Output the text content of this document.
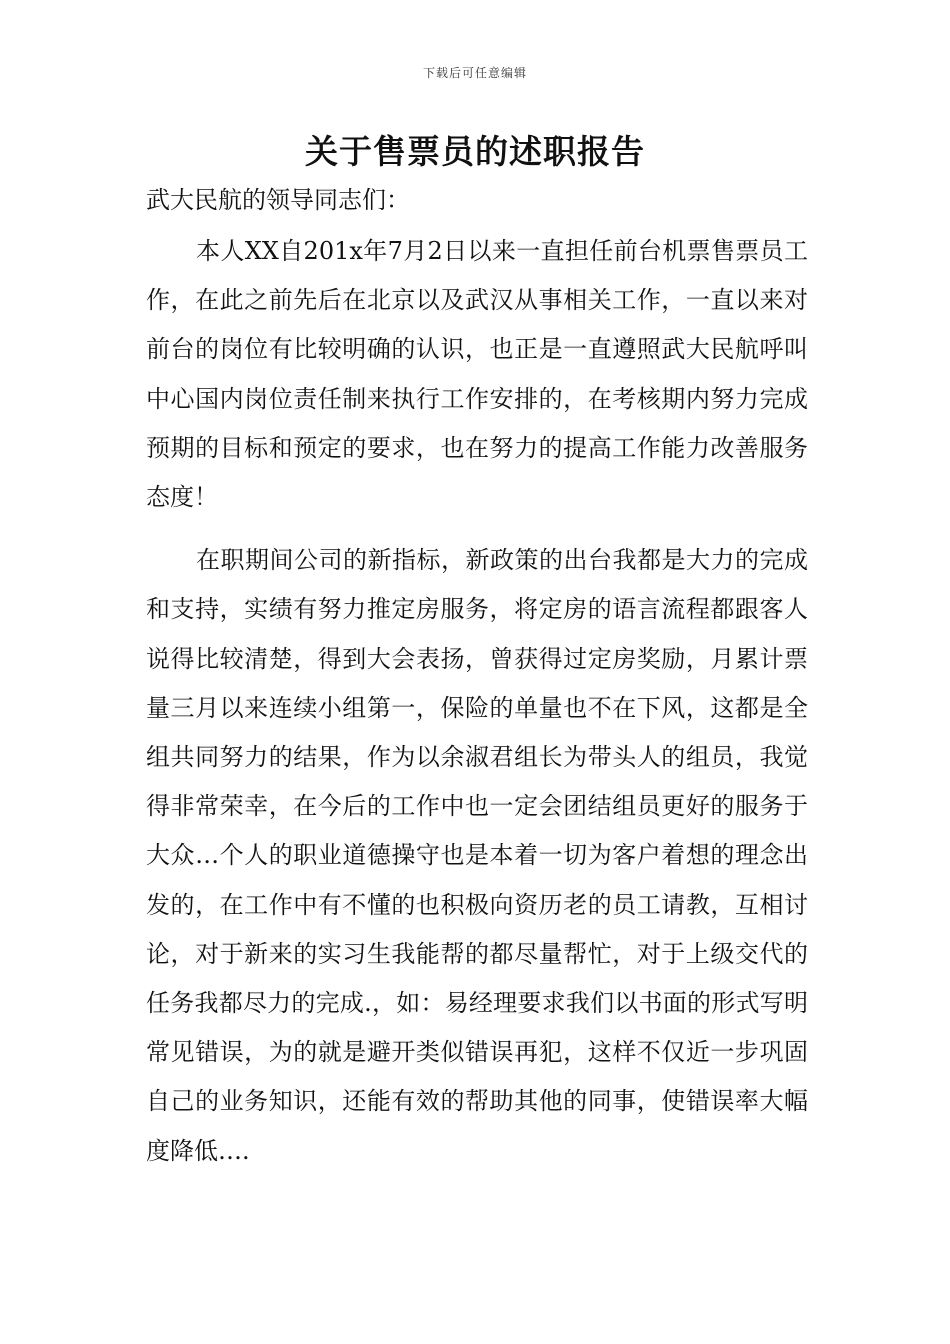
下载后可任意编辑
关于售票员的述职报告

武大民航的领导同志们：

本人XX自201x年7月2日以来一直担任前台机票售票员工作，在此之前先后在北京以及武汉从事相关工作，一直以来对前台的岗位有比较明确的认识，也正是一直遵照武大民航呼叫中心国内岗位责任制来执行工作安排的，在考核期内努力完成预期的目标和预定的要求，也在努力的提高工作能力改善服务态度！

在职期间公司的新指标，新政策的出台我都是大力的完成和支持，实绩有努力推定房服务，将定房的语言流程都跟客人说得比较清楚，得到大会表扬，曾获得过定房奖励，月累计票量三月以来连续小组第一，保险的单量也不在下风，这都是全组共同努力的结果，作为以余淑君组长为带头人的组员，我觉得非常荣幸，在今后的工作中也一定会团结组员更好的服务于大众…个人的职业道德操守也是本着一切为客户着想的理念出发的，在工作中有不懂的也积极向资历老的员工请教，互相讨论，对于新来的实习生我能帮的都尽量帮忙，对于上级交代的任务我都尽力的完成.，如：易经理要求我们以书面的形式写明常见错误，为的就是避开类似错误再犯，这样不仅近一步巩固自己的业务知识，还能有效的帮助其他的同事，使错误率大幅度降低….
